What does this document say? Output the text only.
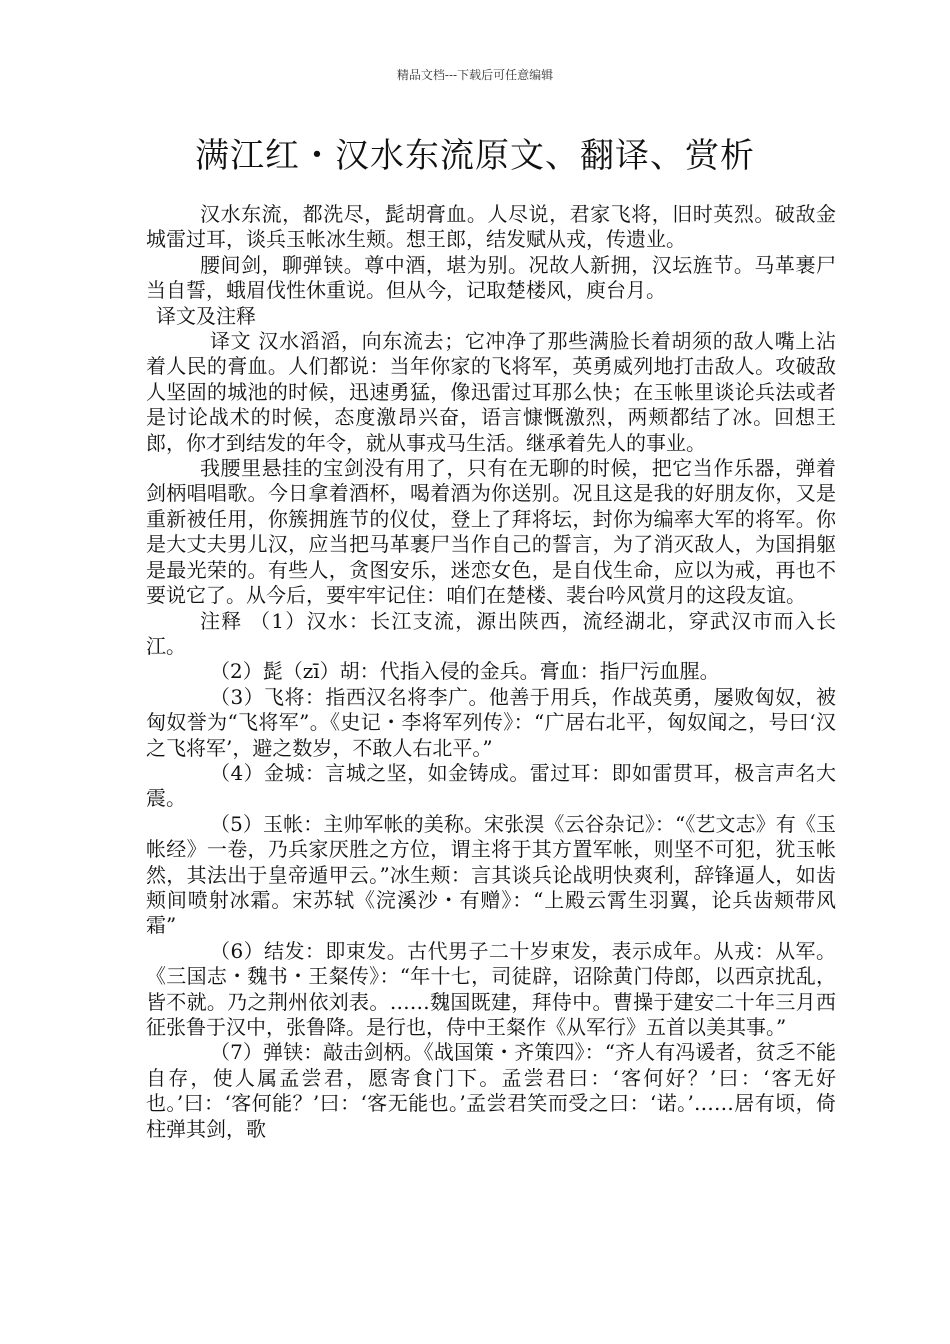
精品文档---下载后可任意编辑
满江红・汉水东流原文、翻译、赏析

汉水东流，都洗尽，髭胡膏血。人尽说，君家飞将，旧时英烈。破敌金城雷过耳，谈兵玉帐冰生颊。想王郎，结发赋从戎，传遗业。

腰间剑，聊弹铗。尊中酒，堪为别。况故人新拥，汉坛旌节。马革裹尸当自誓，蛾眉伐性休重说。但从今，记取楚楼风，庾台月。

译文及注释

译文 汉水滔滔，向东流去；它冲净了那些满脸长着胡须的敌人嘴上沾着人民的膏血。人们都说：当年你家的飞将军，英勇威列地打击敌人。攻破敌人坚固的城池的时候，迅速勇猛，像迅雷过耳那么快；在玉帐里谈论兵法或者是讨论战术的时候，态度激昂兴奋，语言慷慨激烈，两颊都结了冰。回想王郎，你才到结发的年令，就从事戎马生活。继承着先人的事业。

我腰里悬挂的宝剑没有用了，只有在无聊的时候，把它当作乐器，弹着剑柄唱唱歌。今日拿着酒杯，喝着酒为你送别。况且这是我的好朋友你，又是重新被任用，你簇拥旌节的仪仗，登上了拜将坛，封你为编率大军的将军。你是大丈夫男儿汉，应当把马革裹尸当作自己的誓言，为了消灭敌人，为国捐躯是最光荣的。有些人，贪图安乐，迷恋女色，是自伐生命，应以为戒，再也不要说它了。从今后，要牢牢记住：咱们在楚楼、裴台吟风赏月的这段友谊。

注释 （1）汉水：长江支流，源出陕西，流经湖北，穿武汉市而入长江。

（2）髭（zī）胡：代指入侵的金兵。膏血：指尸污血腥。

（3）飞将：指西汉名将李广。他善于用兵，作战英勇，屡败匈奴，被匈奴誉为“飞将军”。《史记・李将军列传》：“广居右北平，匈奴闻之，号曰‘汉之飞将军’，避之数岁，不敢人右北平。”

（4）金城：言城之坚，如金铸成。雷过耳：即如雷贯耳，极言声名大震。

（5）玉帐：主帅军帐的美称。宋张淏《云谷杂记》：“《艺文志》有《玉帐经》一卷，乃兵家厌胜之方位，谓主将于其方置军帐，则坚不可犯，犹玉帐然，其法出于皇帝遁甲云。”冰生颊：言其谈兵论战明快爽利，辞锋逼人，如齿颊间喷射冰霜。宋苏轼《浣溪沙・有赠》：“上殿云霄生羽翼，论兵齿颊带风霜”

（6）结发：即束发。古代男子二十岁束发，表示成年。从戎：从军。《三国志・魏书・王粲传》：“年十七，司徒辟，诏除黄门侍郎，以西京扰乱，皆不就。乃之荆州依刘表。……魏国既建，拜侍中。曹操于建安二十年三月西征张鲁于汉中，张鲁降。是行也，侍中王粲作《从军行》五首以美其事。”

（7）弹铗：敲击剑柄。《战国策・齐策四》：“齐人有冯谖者，贫乏不能自存，使人属孟尝君，愿寄食门下。孟尝君曰：‘客何好？’曰：‘客无好也。’曰：‘客何能？’曰：‘客无能也。’孟尝君笑而受之曰：‘诺。’……居有顷，倚柱弹其剑，歌
